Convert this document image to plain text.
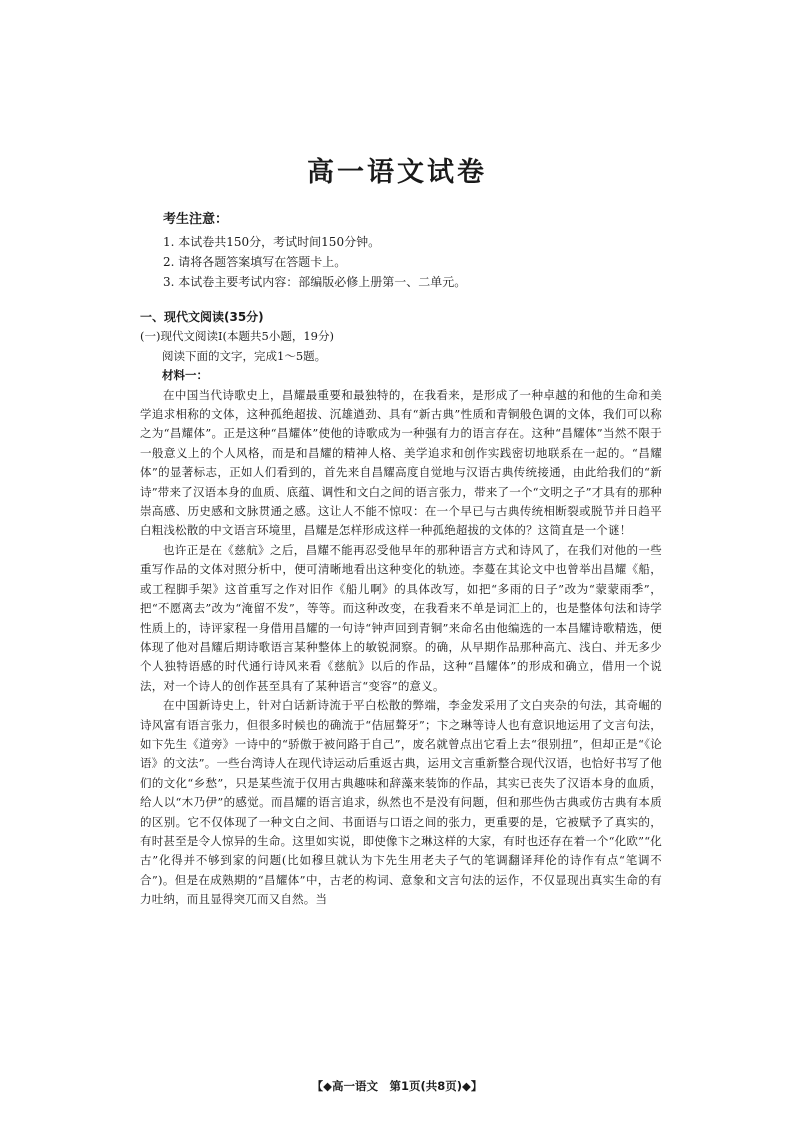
高一语文试卷
考生注意：
1. 本试卷共150分，考试时间150分钟。
2. 请将各题答案填写在答题卡上。
3. 本试卷主要考试内容：部编版必修上册第一、二单元。
一、现代文阅读(35分)
(一)现代文阅读Ⅰ(本题共5小题，19分)
阅读下面的文字，完成1～5题。
材料一：

在中国当代诗歌史上，昌耀最重要和最独特的，在我看来，是形成了一种卓越的和他的生命和美学追求相称的文体，这种孤绝超拔、沉雄遒劲、具有“新古典”性质和青铜般色调的文体，我们可以称之为“昌耀体”。正是这种“昌耀体”使他的诗歌成为一种强有力的语言存在。这种“昌耀体”当然不限于一般意义上的个人风格，而是和昌耀的精神人格、美学追求和创作实践密切地联系在一起的。“昌耀体”的显著标志，正如人们看到的，首先来自昌耀高度自觉地与汉语古典传统接通，由此给我们的“新诗”带来了汉语本身的血质、底蕴、调性和文白之间的语言张力，带来了一个“文明之子”才具有的那种崇高感、历史感和文脉贯通之感。这让人不能不惊叹：在一个早已与古典传统相断裂或脱节并日趋平白粗浅松散的中文语言环境里，昌耀是怎样形成这样一种孤绝超拔的文体的？这简直是一个谜！

也许正是在《慈航》之后，昌耀不能再忍受他早年的那种语言方式和诗风了，在我们对他的一些重写作品的文体对照分析中，便可清晰地看出这种变化的轨迹。李蔓在其论文中也曾举出昌耀《船，或工程脚手架》这首重写之作对旧作《船儿啊》的具体改写，如把“多雨的日子”改为“蒙蒙雨季”，把“不愿离去”改为“淹留不发”，等等。而这种改变，在我看来不单是词汇上的，也是整体句法和诗学性质上的，诗评家程一身借用昌耀的一句诗“钟声回到青铜”来命名由他编选的一本昌耀诗歌精选，便体现了他对昌耀后期诗歌语言某种整体上的敏锐洞察。的确，从早期作品那种高亢、浅白、并无多少个人独特语感的时代通行诗风来看《慈航》以后的作品，这种“昌耀体”的形成和确立，借用一个说法，对一个诗人的创作甚至具有了某种语言“变容”的意义。

在中国新诗史上，针对白话新诗流于平白松散的弊端，李金发采用了文白夹杂的句法，其奇崛的诗风富有语言张力，但很多时候也的确流于“佶屈聱牙”；卞之琳等诗人也有意识地运用了文言句法，如卞先生《道旁》一诗中的“骄傲于被问路于自己”，废名就曾点出它看上去“很别扭”，但却正是“《论语》的文法”。一些台湾诗人在现代诗运动后重返古典，运用文言重新整合现代汉语，也恰好书写了他们的文化“乡愁”，只是某些流于仅用古典趣味和辞藻来装饰的作品，其实已丧失了汉语本身的血质，给人以“木乃伊”的感觉。而昌耀的语言追求，纵然也不是没有问题，但和那些伪古典或仿古典有本质的区别。它不仅体现了一种文白之间、书面语与口语之间的张力，更重要的是，它被赋予了真实的，有时甚至是令人惊异的生命。这里如实说，即使像卞之琳这样的大家，有时也还存在着一个“化欧”“化古”化得并不够到家的问题(比如穆旦就认为卞先生用老夫子气的笔调翻译拜伦的诗作有点“笔调不合”)。但是在成熟期的“昌耀体”中，古老的构词、意象和文言句法的运作，不仅显现出真实生命的有力吐纳，而且显得突兀而又自然。当

【◆高一语文　第1页(共8页)◆】
